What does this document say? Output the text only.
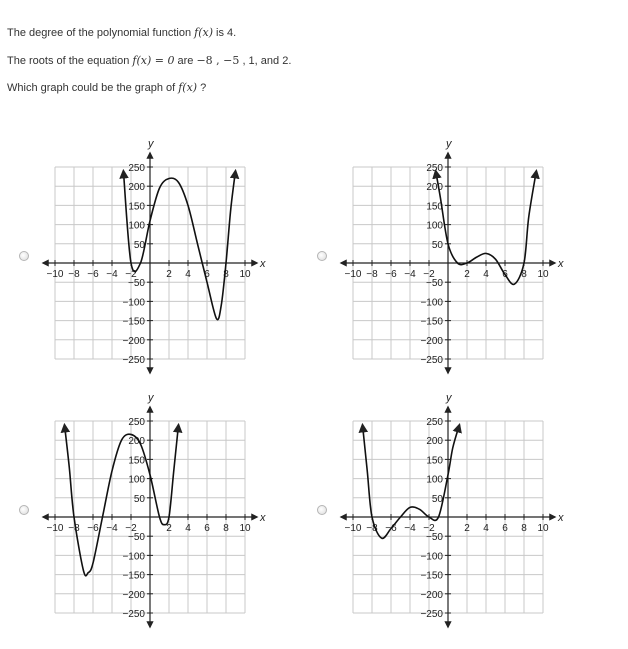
The degree of the polynomial function f(x) is 4.
The roots of the equation f(x) = 0 are −8 , −5 , 1, and 2.
Which graph could be the graph of f(x) ?
x
y
−10 −8 −6 −4 −2	2 4 6 8 10
250
200
150
100
50
−50
−100
−150
−200
−250
x
y
−10 −8 −6 −4 −2	2 4 6 8 10
250
200
150
100
50
−50
−100
−150
−200
−250
x
y
−10 −8 −6 −4 −2	2 4 6 8 10
250
200
150
100
50
−50
−100
−150
−200
−250
x
y
−10 −8 −6 −4 −2	2 4 6 8 10
250
200
150
100
50
−50
−100
−150
−200
−250
